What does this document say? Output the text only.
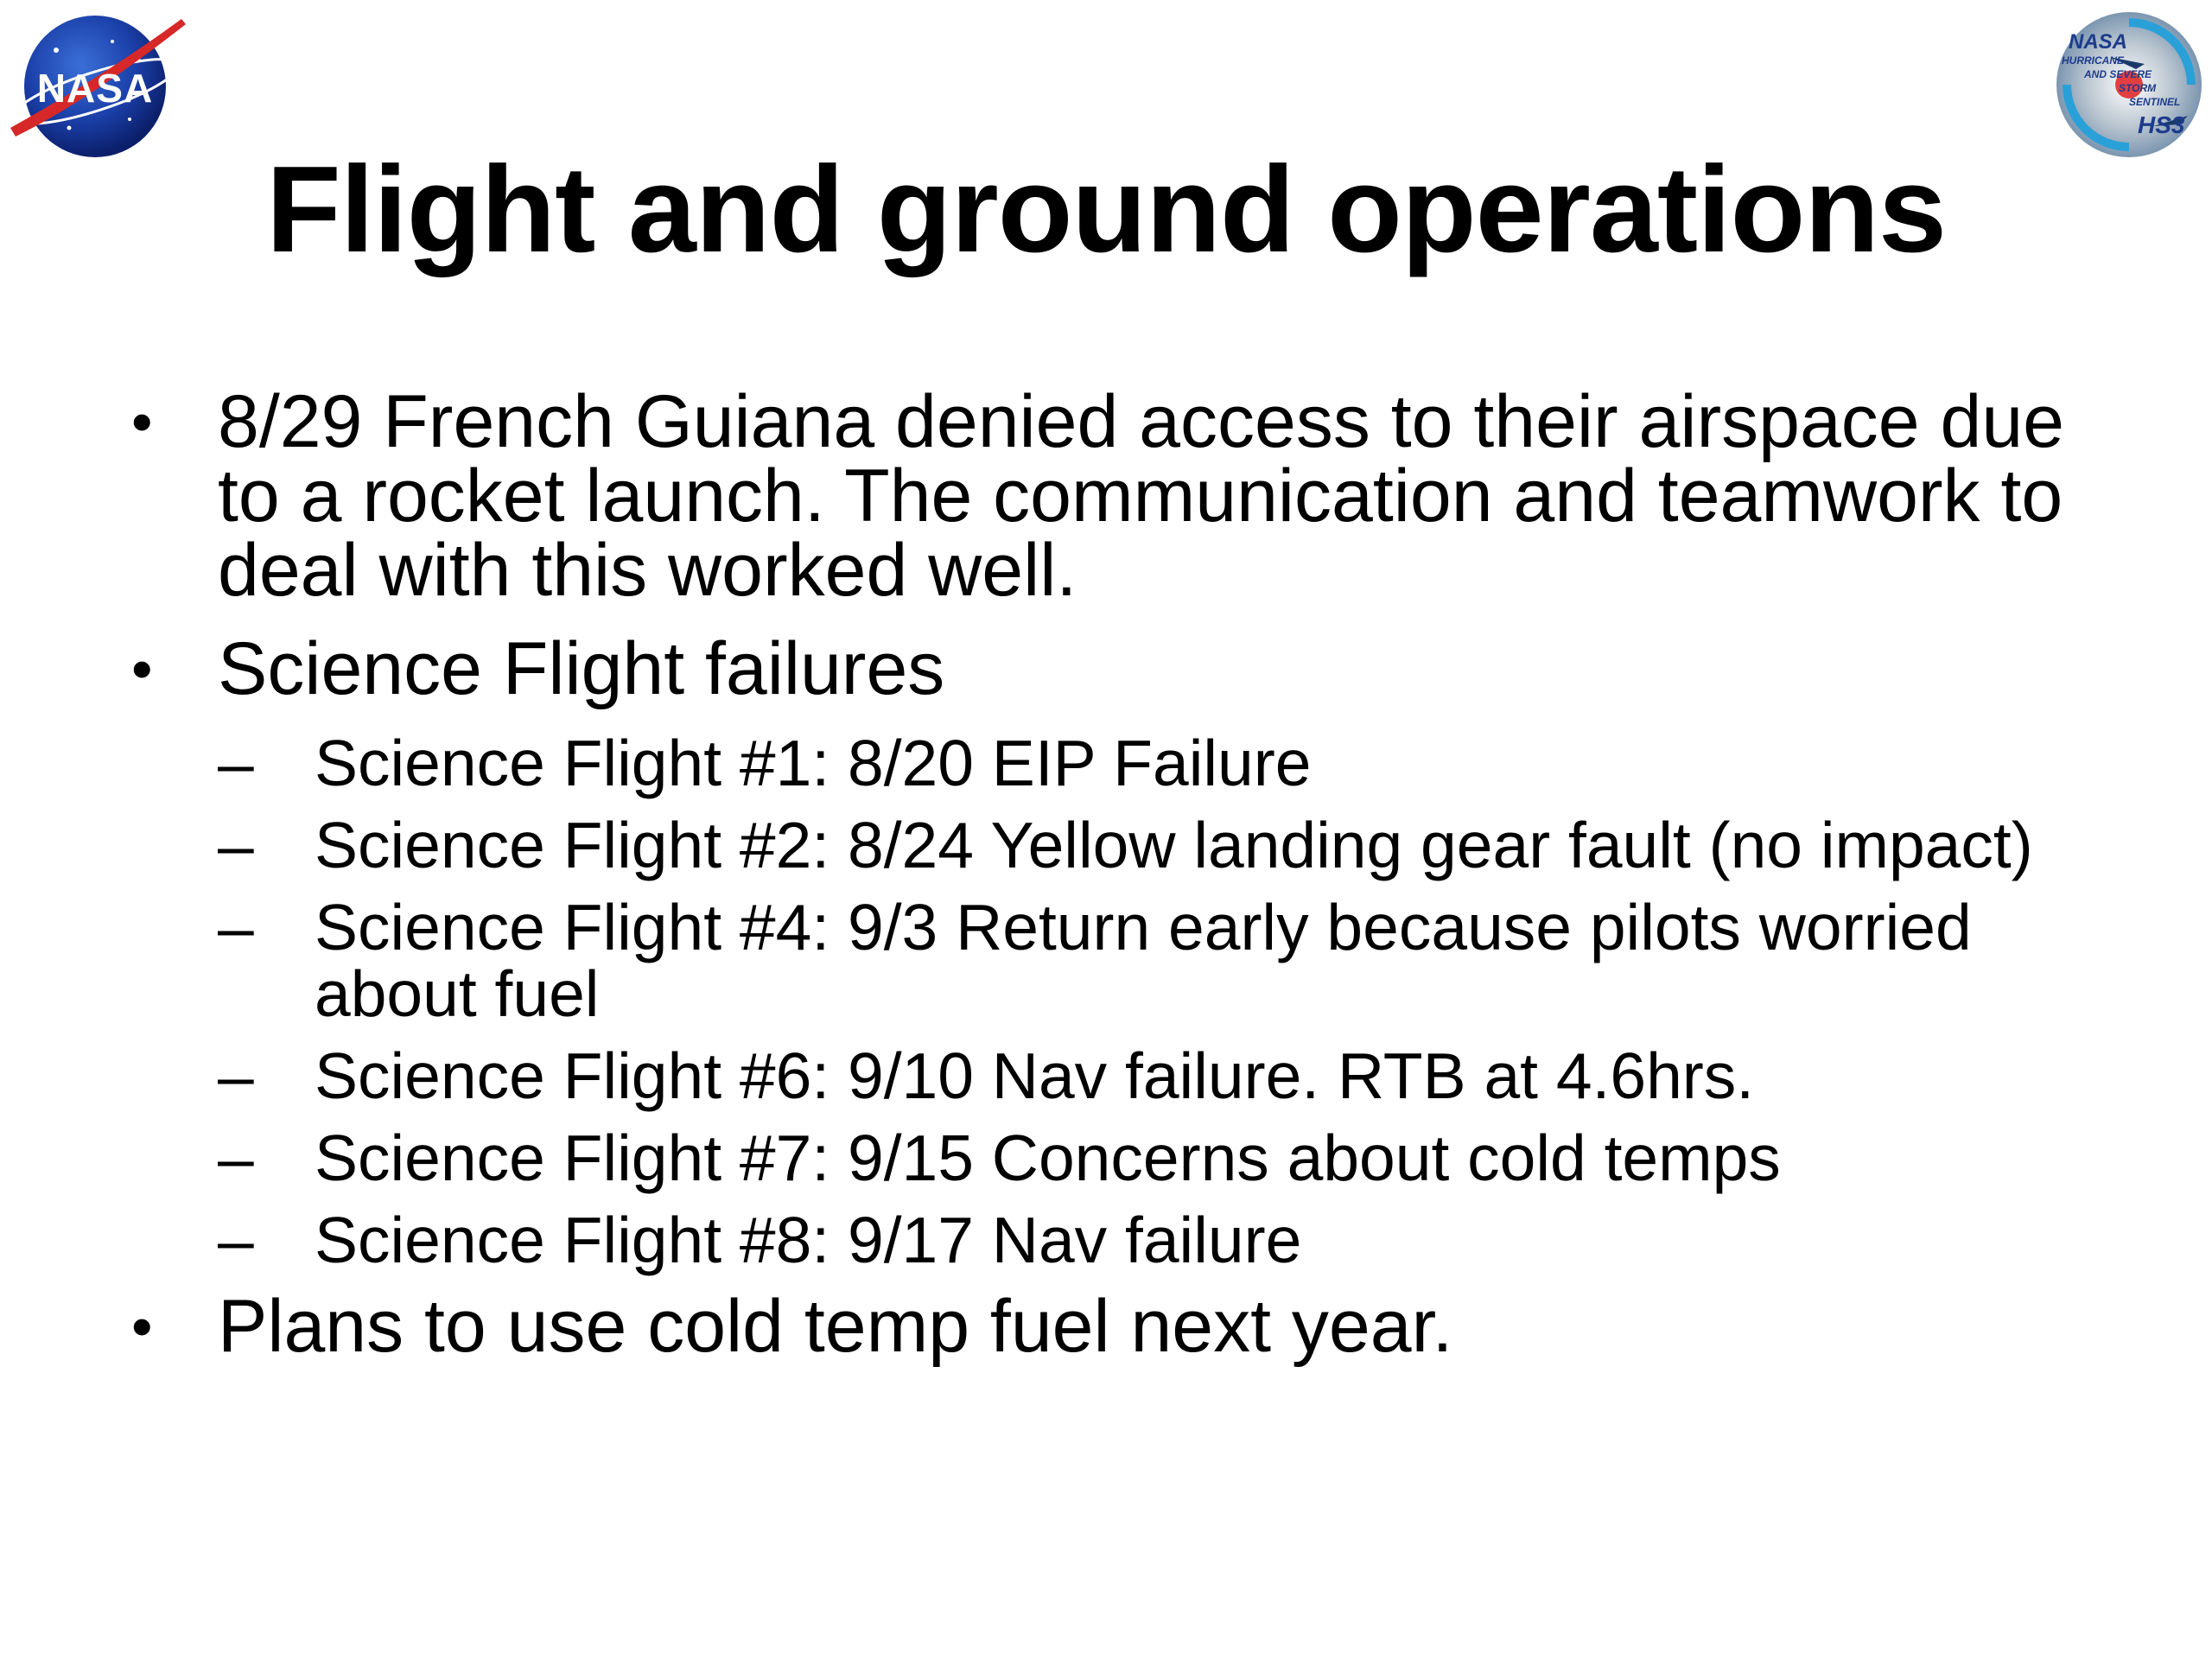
NASA
NASA
HURRICANE
AND SEVERE
STORM
SENTINEL
HS3
Flight and ground operations
• 8/29 French Guiana denied access to their airspace due to a rocket launch. The communication and teamwork to deal with this worked well.
• Science Flight failures
– Science Flight #1: 8/20 EIP Failure
– Science Flight #2: 8/24 Yellow landing gear fault (no impact)
– Science Flight #4: 9/3 Return early because pilots worried about fuel
– Science Flight #6: 9/10 Nav failure. RTB at 4.6hrs.
– Science Flight #7: 9/15 Concerns about cold temps
– Science Flight #8: 9/17 Nav failure
• Plans to use cold temp fuel next year.
